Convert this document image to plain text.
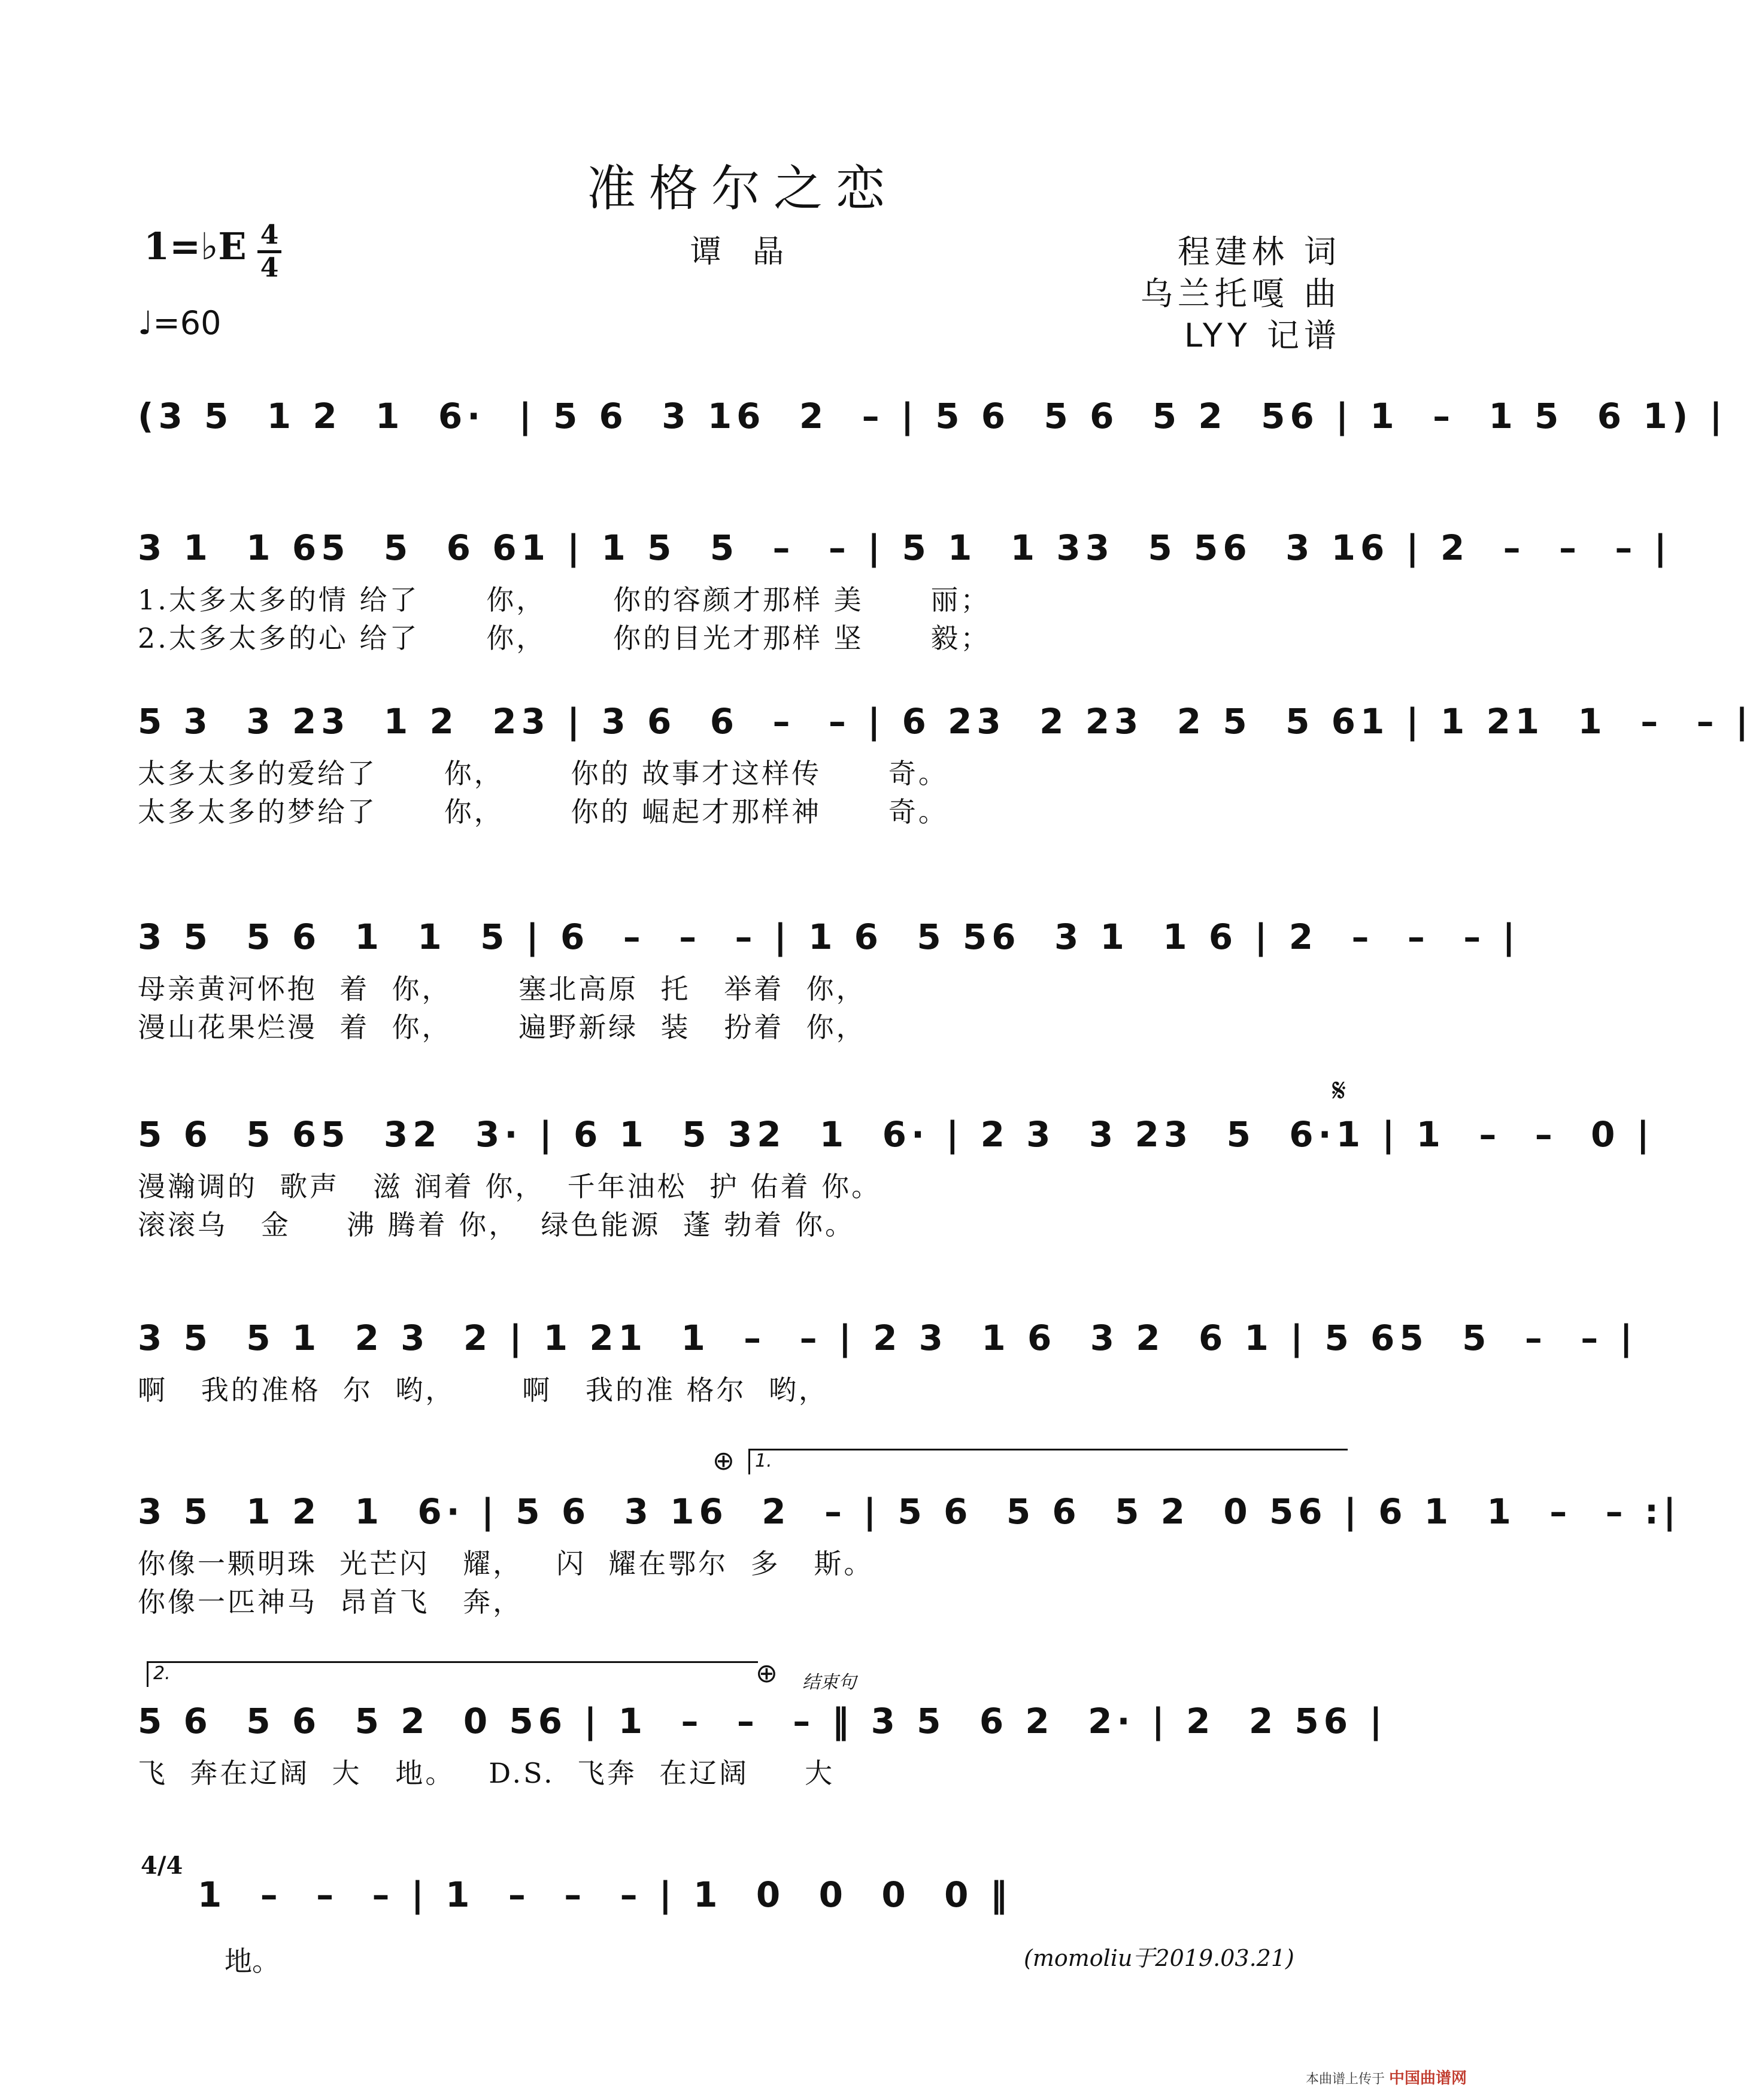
准格尔之恋
1=♭E 4
4
♩=60
谭 晶	程建林 词
乌兰托嘎 曲
LYY 记谱
(3 5  1 2  1  6·  | 5 6  3 16  2  – | 5 6  5 6  5 2  56 | 1  –  1 5  6 1) |
3 1  1 65  5  6 61 | 1 5  5  –  – | 5 1  1 33  5 56  3 16 | 2  –  –  – |
1.太多太多的情 给了      你，      你的容颜才那样 美      丽；
2.太多太多的心 给了      你，      你的目光才那样 坚      毅；
5 3  3 23  1 2  23 | 3 6  6  –  – | 6 23  2 23  2 5  5 61 | 1 21  1  –  – |
太多太多的爱给了      你，      你的 故事才这样传      奇。
太多太多的梦给了      你，      你的 崛起才那样神      奇。
3 5  5 6  1  1  5 | 6  –  –  – | 1 6  5 56  3 1  1 6 | 2  –  –  – |
母亲黄河怀抱  着  你，      塞北高原  托   举着  你，
漫山花果烂漫  着  你，      遍野新绿  装   扮着  你，
𝄋
5 6  5 65  32  3· | 6 1  5 32  1  6· | 2 3  3 23  5  6·1 | 1  –  –  0 |
漫瀚调的  歌声   滋 润着 你，  千年油松  护 佑着 你。
滚滚乌   金     沸 腾着 你，  绿色能源  蓬 勃着 你。
3 5  5 1  2 3  2 | 1 21  1  –  – | 2 3  1 6  3 2  6 1 | 5 65  5  –  – |
啊   我的准格  尔  哟，      啊   我的准 格尔  哟，
⊕	1.
3 5  1 2  1  6· | 5 6  3 16  2  – | 5 6  5 6  5 2  0 56 | 6 1  1  –  – :|
你像一颗明珠  光芒闪   耀，   闪  耀在鄂尔  多   斯。
你像一匹神马  昂首飞   奔，
2.	⊕ 结束句
5 6  5 6  5 2  0 56 | 1  –  –  – ‖ 3 5  6 2  2· | 2  2 56 |
飞  奔在辽阔  大   地。   D.S.  飞奔  在辽阔     大
4/4
1  –  –  – | 1  –  –  – | 1  0  0  0  0 ‖
地。	(momoliu于2019.03.21)
本曲谱上传于 中国曲谱网
